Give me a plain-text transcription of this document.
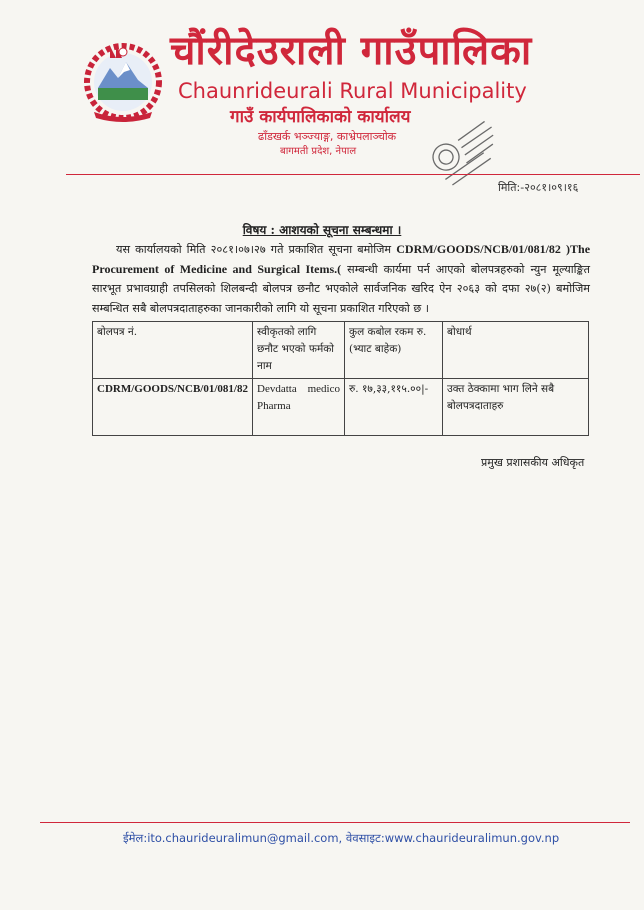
चौंरीदेउराली गाउँपालिका
Chaunrideurali Rural Municipality
गाउँ कार्यपालिकाको कार्यालय
ढाँडखर्क भञ्ज्याङ्ग, काभ्रेपलाञ्चोक
बागमती प्रदेश, नेपाल
मिति:-२०८१।०९।१६
विषय : आशयको सूचना सम्बन्धमा ।
यस कार्यालयको मिति २०८१।०७।२७ गते प्रकाशित सूचना बमोजिम CDRM/GOODS/NCB/01/081/82 )The Procurement of Medicine and Surgical Items.( सम्बन्धी कार्यमा पर्न आएको बोलपत्रहरुको न्युन मूल्याङ्कित सारभूत प्रभावग्राही तपसिलको शिलबन्दी बोलपत्र छनौट भएकोले सार्वजनिक खरिद ऐन २०६३ को दफा २७(२) बमोजिम सम्बन्धित सबै बोलपत्रदाताहरुका जानकारीको लागि यो सूचना प्रकाशित गरिएको छ ।
बोलपत्र नं.	स्वीकृतको लागि छनौट भएको फर्मको नाम	कुल कबोल रकम रु.(भ्याट बाहेक)	बोधार्थ
CDRM/GOODS/NCB/01/081/82	Devdatta medico Pharma	रु. १७,३३,११५.००|-	उक्त ठेक्कामा भाग लिने सबै बोलपत्रदाताहरु
प्रमुख प्रशासकीय अधिकृत
ईमेल:ito.chaurideuralimun@gmail.com, वेवसाइट:www.chaurideuralimun.gov.np
